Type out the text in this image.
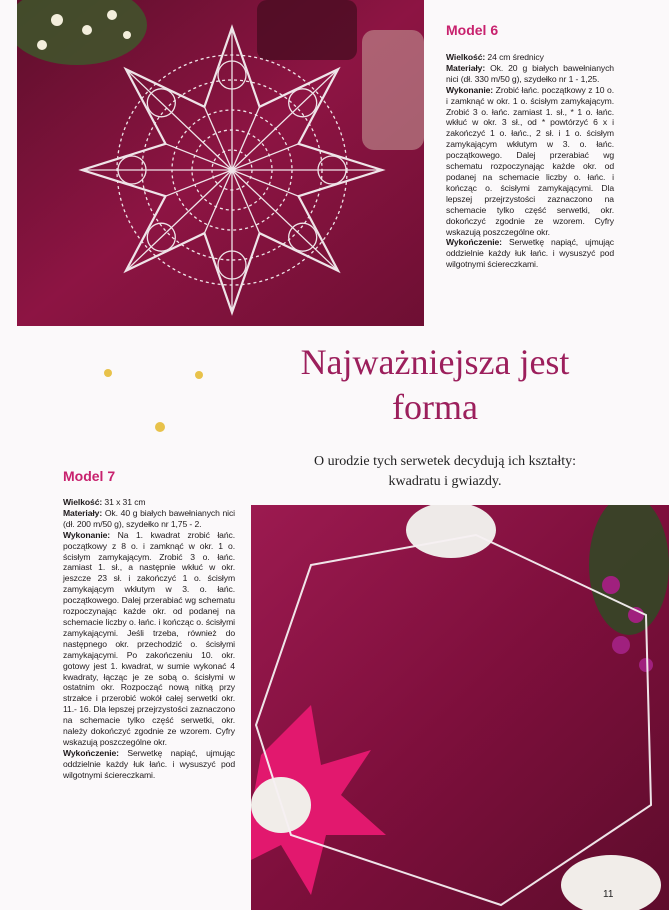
Model 6

Wielkość: 24 cm średnicy

Materiały: Ok. 20 g białych bawełnianych nici (dł. 330 m/50 g), szydełko nr 1 - 1,25.

Wykonanie: Zrobić łańc. początkowy z 10 o. i zamknąć w okr. 1 o. ścisłym zamykającym. Zrobić 3 o. łańc. zamiast 1. sł., * 1 o. łańc. wkłuć w okr. 3 sł., od * powtórzyć 6 x i zakończyć 1 o. łańc., 2 sł. i 1 o. ścisłym zamykającym wkłutym w 3. o. łańc. początkowego. Dalej przerabiać wg schematu rozpoczynając każde okr. od podanej na schemacie liczby o. łańc. i kończąc o. ścisłymi zamykającymi. Dla lepszej przejrzystości zaznaczono na schemacie tylko część serwetki, okr. dokończyć zgodnie ze wzorem. Cyfry wskazują poszczególne okr.

Wykończenie: Serwetkę napiąć, ujmując oddzielnie każdy łuk łańc. i wysuszyć pod wilgotnymi ściereczkami.

Najważniejsza jest
forma
O urodzie tych serwetek decydują ich kształty:
kwadratu i gwiazdy.
Model 7

Wielkość: 31 x 31 cm

Materiały: Ok. 40 g białych bawełnianych nici (dł. 200 m/50 g), szydełko nr 1,75 - 2.

Wykonanie: Na 1. kwadrat zrobić łańc. początkowy z 8 o. i zamknąć w okr. 1 o. ścisłym zamykającym. Zrobić 3 o. łańc. zamiast 1. sł., a następnie wkłuć w okr. jeszcze 23 sł. i zakończyć 1 o. ścisłym zamykającym wkłutym w 3. o. łańc. początkowego. Dalej przerabiać wg schematu rozpoczynając każde okr. od podanej na schemacie liczby o. łańc. i kończąc o. ścisłymi zamykającymi. Jeśli trzeba, również do następnego okr. przechodzić o. ścisłymi zamykającymi. Po zakończeniu 10. okr. gotowy jest 1. kwadrat, w sumie wykonać 4 kwadraty, łącząc je ze sobą o. ścisłymi w ostatnim okr. Rozpocząć nową nitką przy strzałce i przerobić wokół całej serwetki okr. 11.- 16. Dla lepszej przejrzystości zaznaczono na schemacie tylko część serwetki, okr. należy dokończyć zgodnie ze wzorem. Cyfry wskazują poszczególne okr.

Wykończenie: Serwetkę napiąć, ujmując oddzielnie każdy łuk łańc. i wysuszyć pod wilgotnymi ściereczkami.

11
